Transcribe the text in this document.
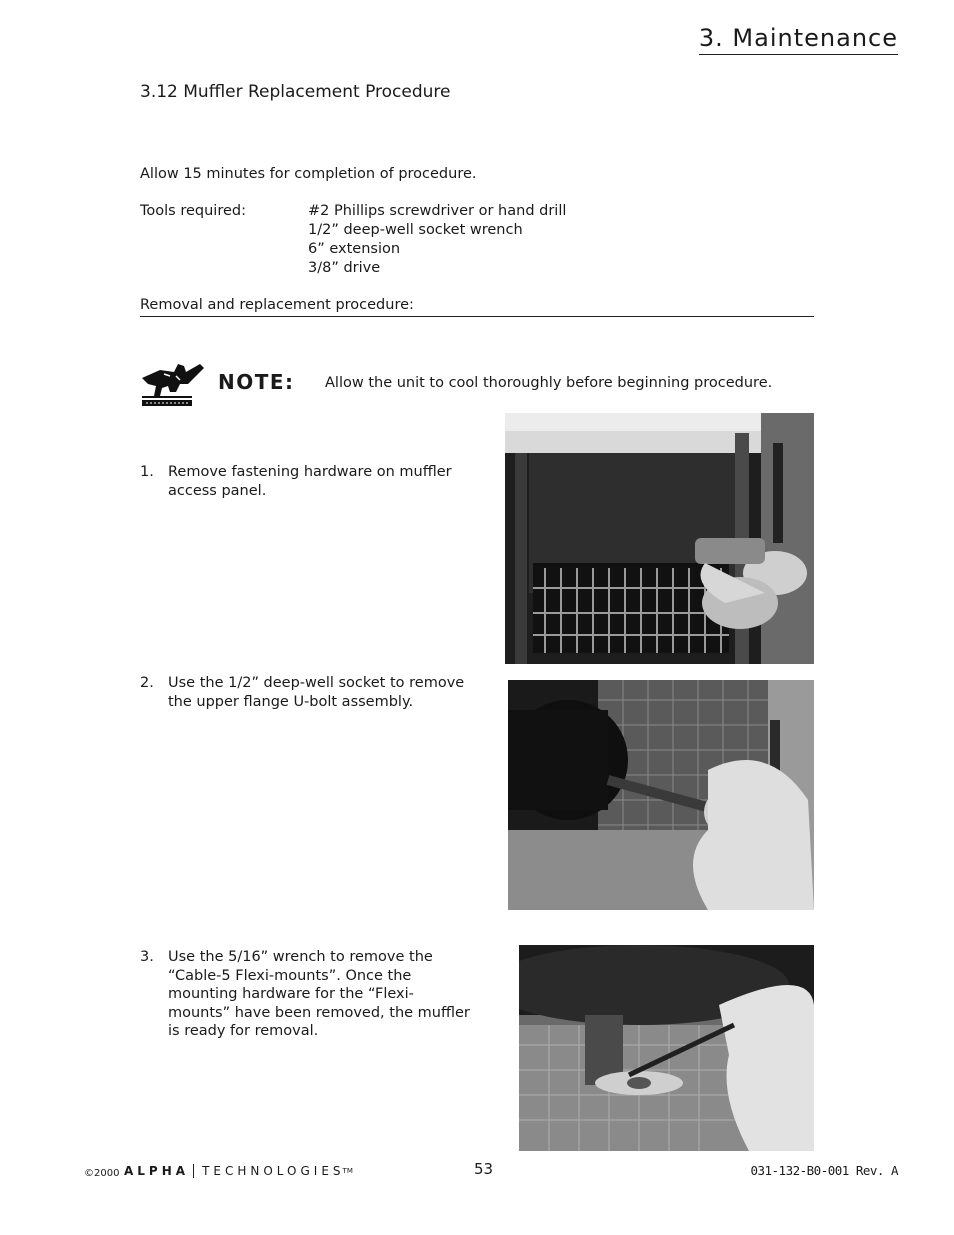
3. Maintenance
3.12 Muffler Replacement Procedure
Allow 15 minutes for completion of procedure.
Tools required:	#2 Phillips screwdriver or hand drill
1/2” deep-well socket wrench
6” extension
3/8” drive
Removal and replacement procedure:
NOTE: Allow the unit to cool thoroughly before beginning procedure.
1. Remove fastening hardware on muffler access panel.
2. Use the 1/2” deep-well socket to remove the upper flange U-bolt assembly.
3. Use the 5/16” wrench to remove the “Cable-5 Flexi-mounts”. Once the mounting hardware for the “Flexi-mounts” have been removed, the muffler is ready for removal.
©2000 ALPHA TECHNOLOGIES
TM	53	031-132-B0-001 Rev. A
